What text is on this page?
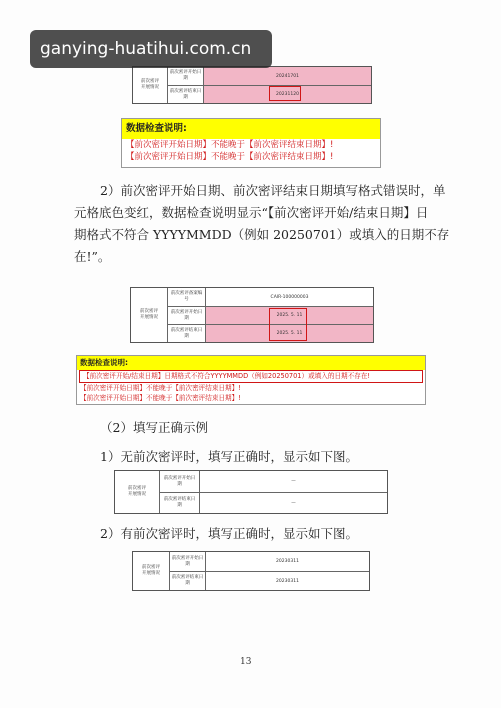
ganying-huatihui.com.cn
前次密评
开展情况
前次密评开始日
期	20241701
前次密评结束日
期	20231120
数据检查说明:
【前次密评开始日期】不能晚于【前次密评结束日期】!
【前次密评开始日期】不能晚于【前次密评结束日期】!
2）前次密评开始日期、前次密评结束日期填写格式错误时，单
元格底色变红，数据检查说明显示“【前次密评开始/结束日期】日
期格式不符合 YYYYMMDD（例如 20250701）或填入的日期不存
在!”。
前次密评
开展情况
前次密评备案编
号	CAIR-100000003
前次密评开始日
期	2025. 5. 11
前次密评结束日
期	2025. 5. 11
数据检查说明:
【前次密评开始/结束日期】日期格式不符合YYYYMMDD（例如20250701）或填入的日期不存在!
【前次密评开始日期】不能晚于【前次密评结束日期】!
【前次密评开始日期】不能晚于【前次密评结束日期】!
（2）填写正确示例
1）无前次密评时，填写正确时，显示如下图。
前次密评
开展情况
前次密评开始日
期	—
前次密评结束日
期	—
2）有前次密评时，填写正确时，显示如下图。
前次密评
开展情况
前次密评开始日
期	20230311
前次密评结束日
期	20230311
13
